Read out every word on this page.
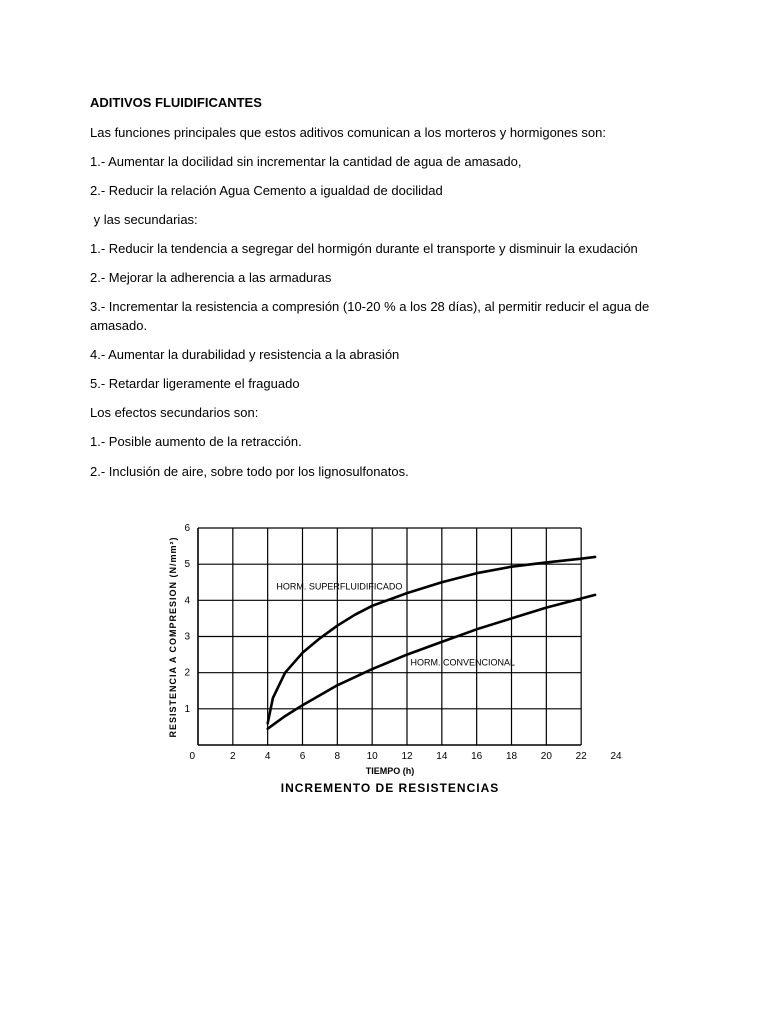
ADITIVOS FLUIDIFICANTES

Las funciones principales que estos aditivos comunican a los morteros y hormigones son:

1.- Aumentar la docilidad sin incrementar la cantidad de agua de amasado,

2.- Reducir la relación Agua Cemento a igualdad de docilidad

y las secundarias:

1.- Reducir la tendencia a segregar del hormigón durante el transporte y disminuir la exudación

2.- Mejorar la adherencia a las armaduras

3.- Incrementar la resistencia a compresión (10-20 % a los 28 días), al permitir reducir el agua de amasado.

4.- Aumentar la durabilidad y resistencia a la abrasión

5.- Retardar ligeramente el fraguado

Los efectos secundarios son:

1.- Posible aumento de la retracción.

2.- Inclusión de aire, sobre todo por los lignosulfonatos.

0	2	4	6	8	10 12 14 16 18 20 22 24
1
2
3
4
5
6
HORM. SUPERFLUIDIFICADO
HORM. CONVENCIONAL
INCREMENTO DE RESISTENCIAS
TIEMPO (h)
RESISTENCIA A COMPRESION (N/mm²)
